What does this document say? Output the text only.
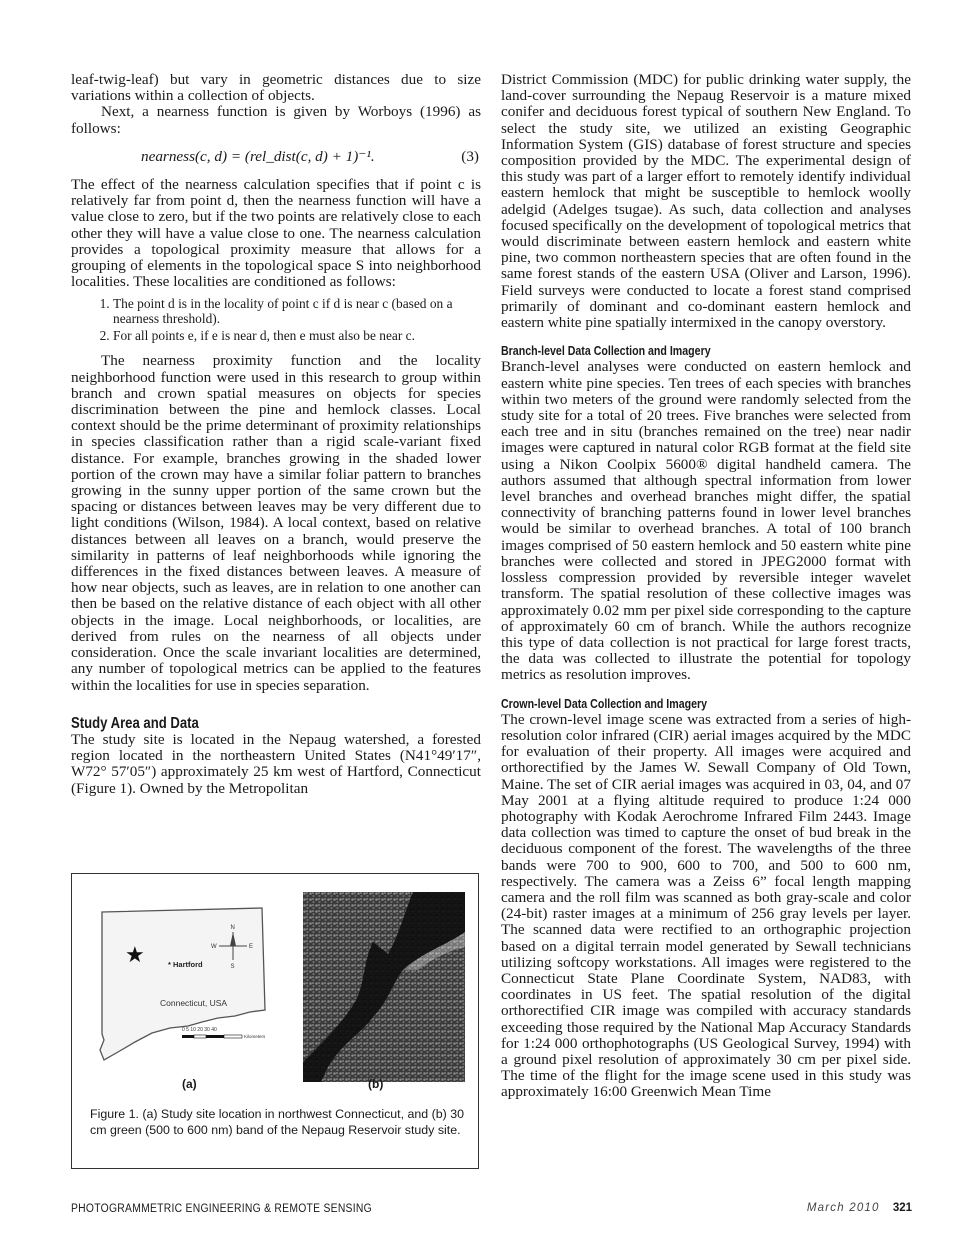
leaf-twig-leaf) but vary in geometric distances due to size variations within a collection of objects.

Next, a nearness function is given by Worboys (1996) as follows:

nearness(c, d) = (rel_dist(c, d) + 1)⁻¹.	(3)

The effect of the nearness calculation specifies that if point c is relatively far from point d, then the nearness function will have a value close to zero, but if the two points are relatively close to each other they will have a value close to one. The nearness calculation provides a topological proximity measure that allows for a grouping of elements in the topological space S into neighborhood localities. These localities are conditioned as follows:

1. The point d is in the locality of point c if d is near c (based on a nearness threshold).
2. For all points e, if e is near d, then e must also be near c.

The nearness proximity function and the locality neighborhood function were used in this research to group within branch and crown spatial measures on objects for species discrimination between the pine and hemlock classes. Local context should be the prime determinant of proximity relationships in species classification rather than a rigid scale-variant fixed distance. For example, branches growing in the shaded lower portion of the crown may have a similar foliar pattern to branches growing in the sunny upper portion of the same crown but the spacing or distances between leaves may be very different due to light conditions (Wilson, 1984). A local context, based on relative distances between all leaves on a branch, would preserve the similarity in patterns of leaf neighborhoods while ignoring the differences in the fixed distances between leaves. A measure of how near objects, such as leaves, are in relation to one another can then be based on the relative distance of each object with all other objects in the image. Local neighborhoods, or localities, are derived from rules on the nearness of all objects under consideration. Once the scale invariant localities are determined, any number of topological metrics can be applied to the features within the localities for use in species separation.

Study Area and Data

The study site is located in the Nepaug watershed, a forested region located in the northeastern United States (N41°49′17″, W72° 57′05″) approximately 25 km west of Hartford, Connecticut (Figure 1). Owned by the Metropolitan

★	* Hartford
Connecticut, USA
N
S
E
W
0 5 10 20 30 40
Kilometers
(a)	(b)
Figure 1. (a) Study site location in northwest Connecticut, and (b) 30 cm green (500 to 600 nm) band of the Nepaug Reservoir study site.

District Commission (MDC) for public drinking water supply, the land-cover surrounding the Nepaug Reservoir is a mature mixed conifer and deciduous forest typical of southern New England. To select the study site, we utilized an existing Geographic Information System (GIS) database of forest structure and species composition provided by the MDC. The experimental design of this study was part of a larger effort to remotely identify individual eastern hemlock that might be susceptible to hemlock woolly adelgid (Adelges tsugae). As such, data collection and analyses focused specifically on the development of topological metrics that would discriminate between eastern hemlock and eastern white pine, two common northeastern species that are often found in the same forest stands of the eastern USA (Oliver and Larson, 1996). Field surveys were conducted to locate a forest stand comprised primarily of dominant and co-dominant eastern hemlock and eastern white pine spatially intermixed in the canopy overstory.

Branch-level Data Collection and Imagery

Branch-level analyses were conducted on eastern hemlock and eastern white pine species. Ten trees of each species with branches within two meters of the ground were randomly selected from the study site for a total of 20 trees. Five branches were selected from each tree and in situ (branches remained on the tree) near nadir images were captured in natural color RGB format at the field site using a Nikon Coolpix 5600® digital handheld camera. The authors assumed that although spectral information from lower level branches and overhead branches might differ, the spatial connectivity of branching patterns found in lower level branches would be similar to overhead branches. A total of 100 branch images comprised of 50 eastern hemlock and 50 eastern white pine branches were collected and stored in JPEG2000 format with lossless compression provided by reversible integer wavelet transform. The spatial resolution of these collective images was approximately 0.02 mm per pixel side corresponding to the capture of approximately 60 cm of branch. While the authors recognize this type of data collection is not practical for large forest tracts, the data was collected to illustrate the potential for topology metrics as resolution improves.

Crown-level Data Collection and Imagery

The crown-level image scene was extracted from a series of high-resolution color infrared (CIR) aerial images acquired by the MDC for evaluation of their property. All images were acquired and orthorectified by the James W. Sewall Company of Old Town, Maine. The set of CIR aerial images was acquired in 03, 04, and 07 May 2001 at a flying altitude required to produce 1:24 000 photography with Kodak Aerochrome Infrared Film 2443. Image data collection was timed to capture the onset of bud break in the deciduous component of the forest. The wavelengths of the three bands were 700 to 900, 600 to 700, and 500 to 600 nm, respectively. The camera was a Zeiss 6” focal length mapping camera and the roll film was scanned as both gray-scale and color (24-bit) raster images at a minimum of 256 gray levels per layer. The scanned data were rectified to an orthographic projection based on a digital terrain model generated by Sewall technicians utilizing softcopy workstations. All images were registered to the Connecticut State Plane Coordinate System, NAD83, with coordinates in US feet. The spatial resolution of the digital orthorectified CIR image was compiled with accuracy standards exceeding those required by the National Map Accuracy Standards for 1:24 000 orthophotographs (US Geological Survey, 1994) with a ground pixel resolution of approximately 30 cm per pixel side. The time of the flight for the image scene used in this study was approximately 16:00 Greenwich Mean Time

PHOTOGRAMMETRIC ENGINEERING & REMOTE SENSING	March 2010 321
